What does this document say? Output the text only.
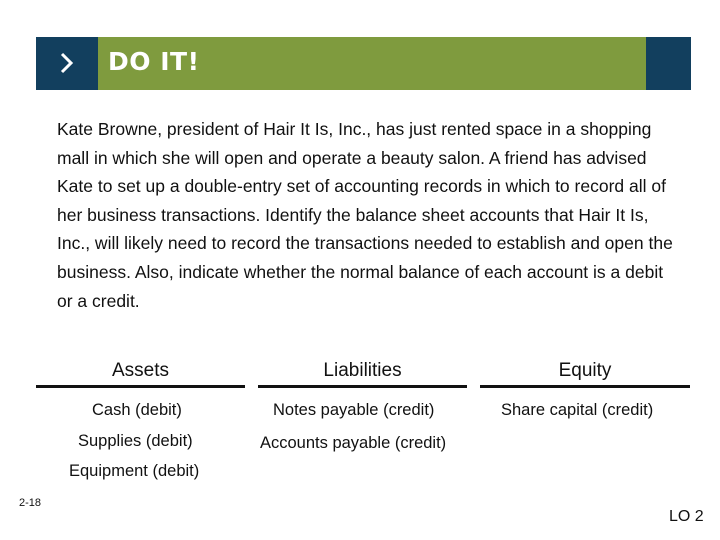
DO IT!

Kate Browne, president of Hair It Is, Inc., has just rented space in a shopping mall in which she will open and operate a beauty salon. A friend has advised Kate to set up a double-entry set of accounting records in which to record all of her business transactions. Identify the balance sheet accounts that Hair It Is, Inc., will likely need to record the transactions needed to establish and open the business. Also, indicate whether the normal balance of each account is a debit or a credit.

Assets
Cash (debit)
Supplies (debit)
Equipment (debit)
Liabilities
Notes payable (credit)
Accounts payable (credit)
Equity
Share capital (credit)
2-18
LO 2
